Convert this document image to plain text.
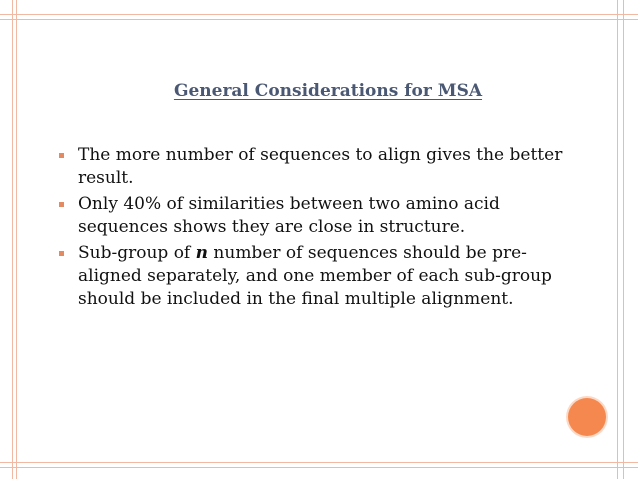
General Considerations for MSA
The more number of sequences to align gives the better result.
Only 40% of similarities between two amino acid sequences shows they are close in structure.
Sub-group of n number of sequences should be pre-aligned separately, and one member of each sub-group should be included in the final multiple alignment.
